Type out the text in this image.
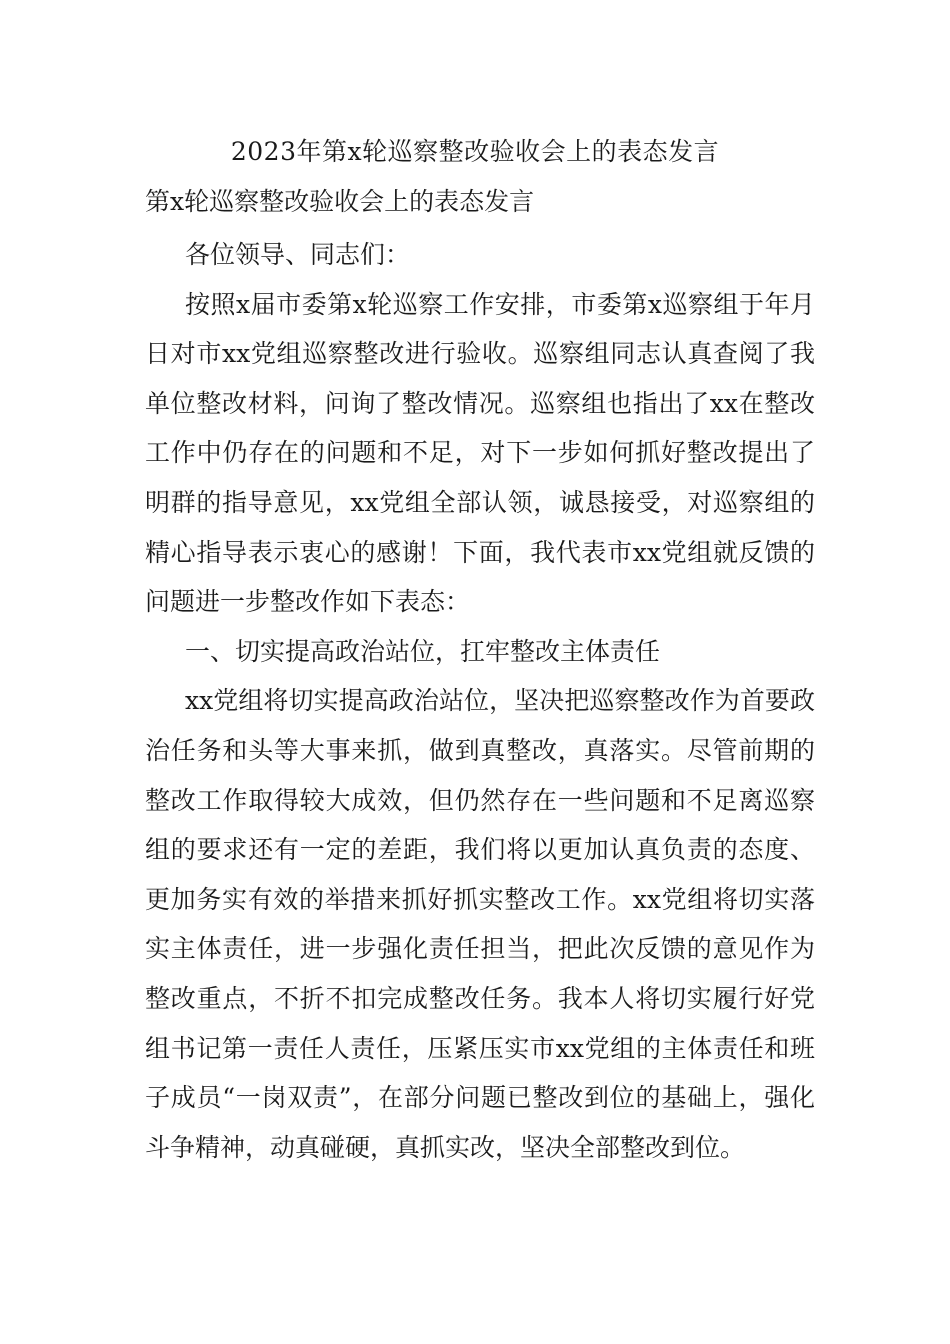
2023年第x轮巡察整改验收会上的表态发言
第x轮巡察整改验收会上的表态发言

各位领导、同志们：

按照x届市委第x轮巡察工作安排，市委第x巡察组于年月日对市xx党组巡察整改进行验收。巡察组同志认真查阅了我单位整改材料，问询了整改情况。巡察组也指出了xx在整改工作中仍存在的问题和不足，对下一步如何抓好整改提出了明群的指导意见，xx党组全部认领，诚恳接受，对巡察组的精心指导表示衷心的感谢！下面，我代表市xx党组就反馈的问题进一步整改作如下表态：

一、切实提高政治站位，扛牢整改主体责任

xx党组将切实提高政治站位，坚决把巡察整改作为首要政治任务和头等大事来抓，做到真整改，真落实。尽管前期的整改工作取得较大成效，但仍然存在一些问题和不足离巡察组的要求还有一定的差距，我们将以更加认真负责的态度、更加务实有效的举措来抓好抓实整改工作。xx党组将切实落实主体责任，进一步强化责任担当，把此次反馈的意见作为整改重点，不折不扣完成整改任务。我本人将切实履行好党组书记第一责任人责任，压紧压实市xx党组的主体责任和班子成员“一岗双责”，在部分问题已整改到位的基础上，强化斗争精神，动真碰硬，真抓实改，坚决全部整改到位。
